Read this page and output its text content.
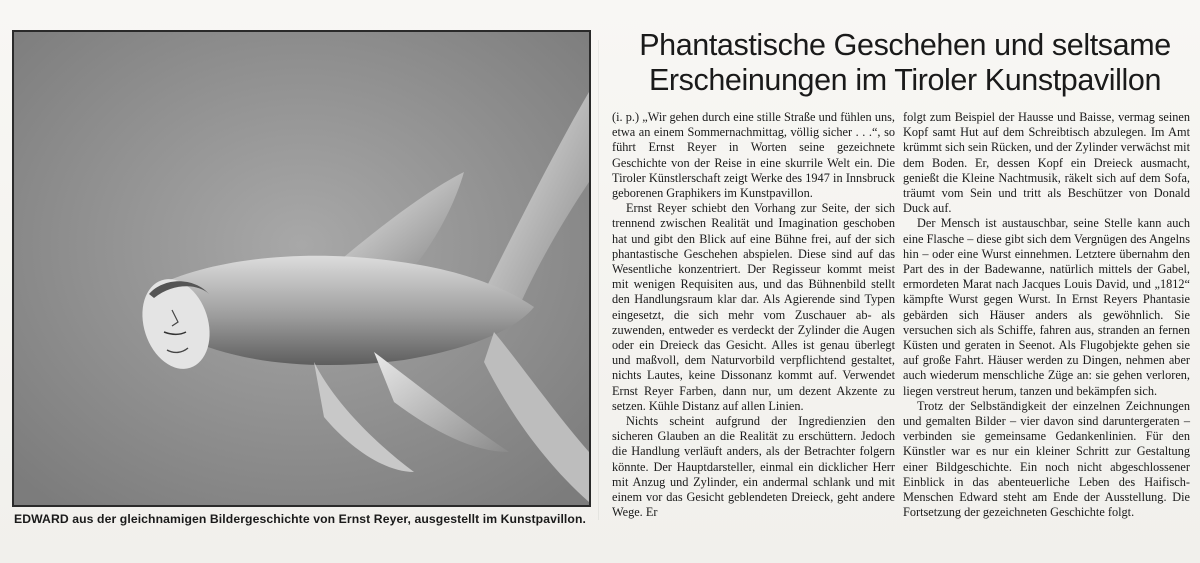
EDWARD aus der gleichnamigen Bildergeschichte von Ernst Reyer, ausgestellt im Kunstpavillon.
Phantastische Geschehen und seltsame
Erscheinungen im Tiroler Kunstpavillon

(i. p.) „Wir gehen durch eine stille Straße und fühlen uns, etwa an einem Sommernachmittag, völlig sicher . . .“, so führt Ernst Reyer in Worten seine gezeichnete Geschichte von der Reise in eine skurrile Welt ein. Die Tiroler Künstlerschaft zeigt Werke des 1947 in Innsbruck geborenen Graphikers im Kunstpavillon.

Ernst Reyer schiebt den Vorhang zur Seite, der sich trennend zwischen Realität und Imagination geschoben hat und gibt den Blick auf eine Bühne frei, auf der sich phantastische Geschehen abspielen. Diese sind auf das Wesentliche konzentriert. Der Regisseur kommt meist mit wenigen Requisiten aus, und das Bühnenbild stellt den Handlungsraum klar dar. Als Agierende sind Typen eingesetzt, die sich mehr vom Zuschauer ab- als zuwenden, entweder es verdeckt der Zylinder die Augen oder ein Dreieck das Gesicht. Alles ist genau überlegt und maßvoll, dem Naturvorbild verpflichtend gestaltet, nichts Lautes, keine Dissonanz kommt auf. Verwendet Ernst Reyer Farben, dann nur, um dezent Akzente zu setzen. Kühle Distanz auf allen Linien.

Nichts scheint aufgrund der Ingredienzien den sicheren Glauben an die Realität zu erschüttern. Jedoch die Handlung verläuft anders, als der Betrachter folgern könnte. Der Hauptdarsteller, einmal ein dicklicher Herr mit Anzug und Zylinder, ein andermal schlank und mit einem vor das Gesicht geblendeten Dreieck, geht andere Wege. Er

folgt zum Beispiel der Hausse und Baisse, vermag seinen Kopf samt Hut auf dem Schreibtisch abzulegen. Im Amt krümmt sich sein Rücken, und der Zylinder verwächst mit dem Boden. Er, dessen Kopf ein Dreieck ausmacht, genießt die Kleine Nachtmusik, räkelt sich auf dem Sofa, träumt vom Sein und tritt als Beschützer von Donald Duck auf.

Der Mensch ist austauschbar, seine Stelle kann auch eine Flasche – diese gibt sich dem Vergnügen des Angelns hin – oder eine Wurst einnehmen. Letztere übernahm den Part des in der Badewanne, natürlich mittels der Gabel, ermordeten Marat nach Jacques Louis David, und „1812“ kämpfte Wurst gegen Wurst. In Ernst Reyers Phantasie gebärden sich Häuser anders als gewöhnlich. Sie versuchen sich als Schiffe, fahren aus, stranden an fernen Küsten und geraten in Seenot. Als Flugobjekte gehen sie auf große Fahrt. Häuser werden zu Dingen, nehmen aber auch wiederum menschliche Züge an: sie gehen verloren, liegen verstreut herum, tanzen und bekämpfen sich.

Trotz der Selbständigkeit der einzelnen Zeichnungen und gemalten Bilder – vier davon sind daruntergeraten – verbinden sie gemeinsame Gedankenlinien. Für den Künstler war es nur ein kleiner Schritt zur Gestaltung einer Bildgeschichte. Ein noch nicht abgeschlossener Einblick in das abenteuerliche Leben des Haifisch-Menschen Edward steht am Ende der Ausstellung. Die Fortsetzung der gezeichneten Geschichte folgt.
